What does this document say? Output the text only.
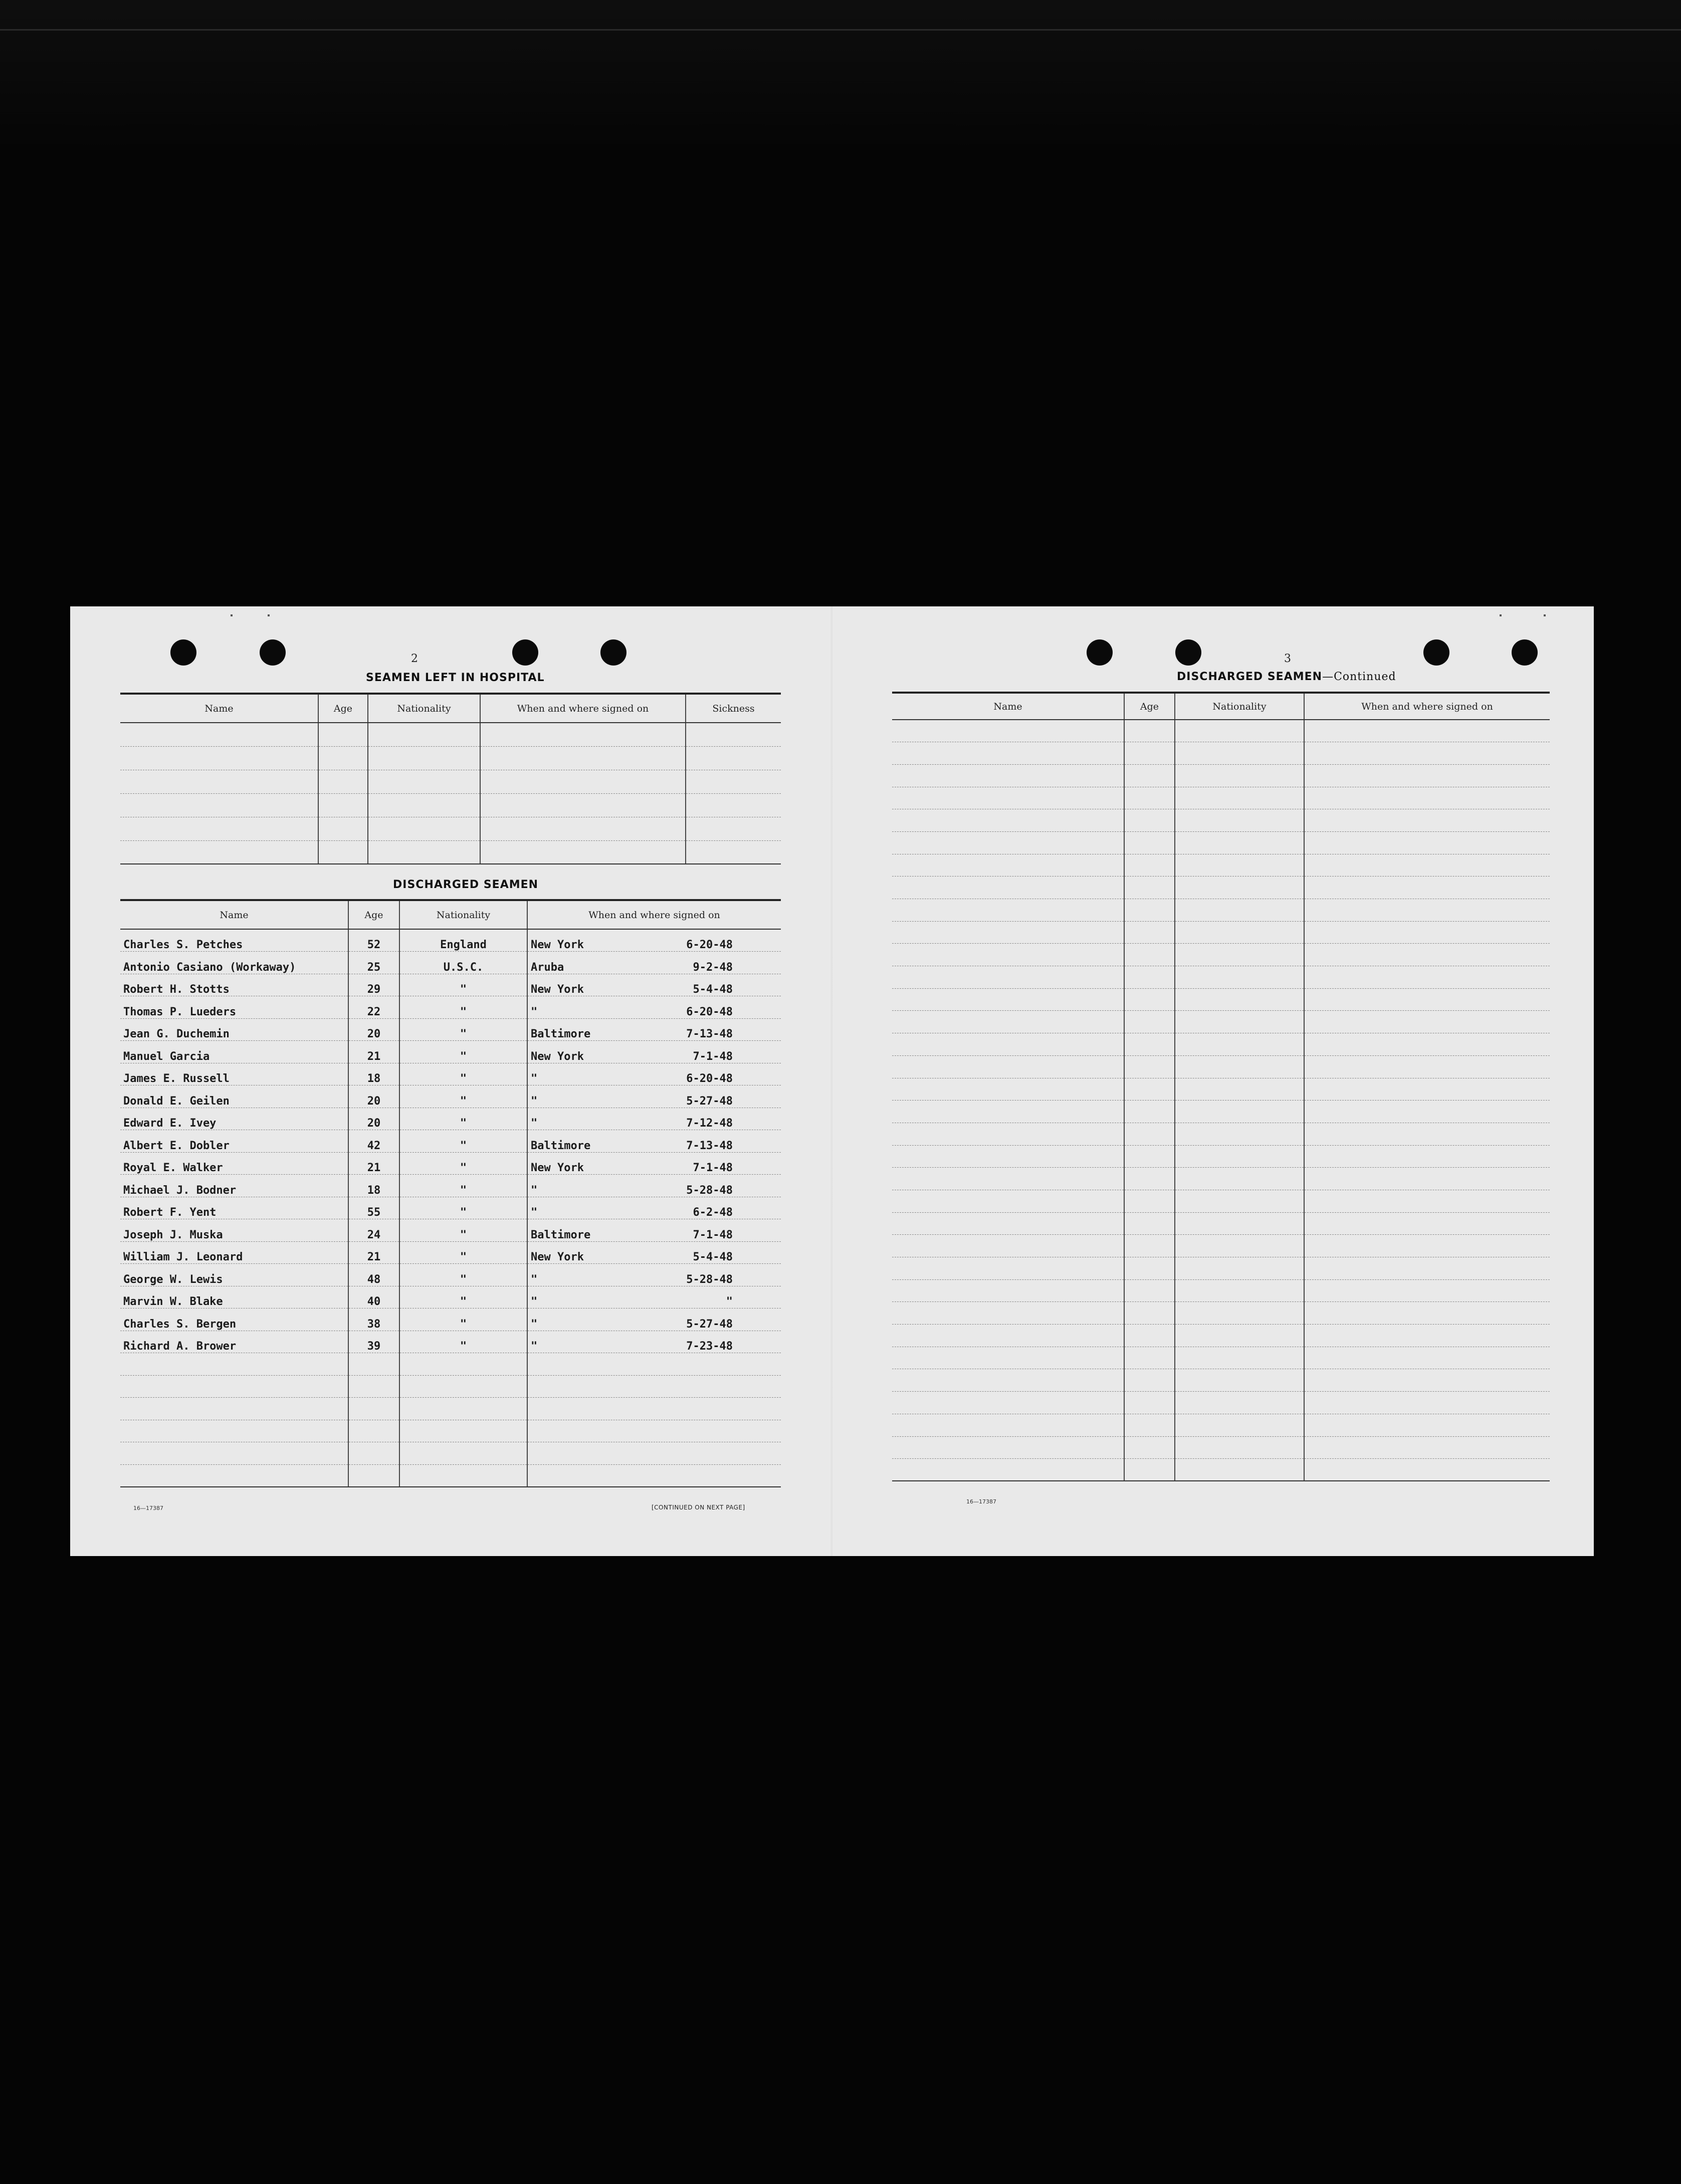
2
SEAMEN LEFT IN HOSPITAL
Name	Age	Nationality	When and where signed on	Sickness

DISCHARGED SEAMEN
Name	Age	Nationality	When and where signed on
Charles S. Petches	52	England	New York 6-20-48

Antonio Casiano (Workaway)	25	U.S.C.	Aruba 9-2-48

Robert H. Stotts	29	"	New York 5-4-48

Thomas P. Lueders	22	"	" 6-20-48

Jean G. Duchemin	20	"	Baltimore 7-13-48

Manuel Garcia	21	"	New York 7-1-48

James E. Russell	18	"	" 6-20-48

Donald E. Geilen	20	"	" 5-27-48

Edward E. Ivey	20	"	" 7-12-48

Albert E. Dobler	42	"	Baltimore 7-13-48

Royal E. Walker	21	"	New York 7-1-48

Michael J. Bodner	18	"	" 5-28-48

Robert F. Yent	55	"	" 6-2-48

Joseph J. Muska	24	"	Baltimore 7-1-48

William J. Leonard	21	"	New York 5-4-48

George W. Lewis	48	"	" 5-28-48

Marvin W. Blake	40	"	" "

Charles S. Bergen	38	"	" 5-27-48

Richard A. Brower	39	"	" 7-23-48

16—17387	[CONTINUED ON NEXT PAGE]
3
DISCHARGED SEAMEN—Continued
Name	Age	Nationality	When and where signed on

16—17387
